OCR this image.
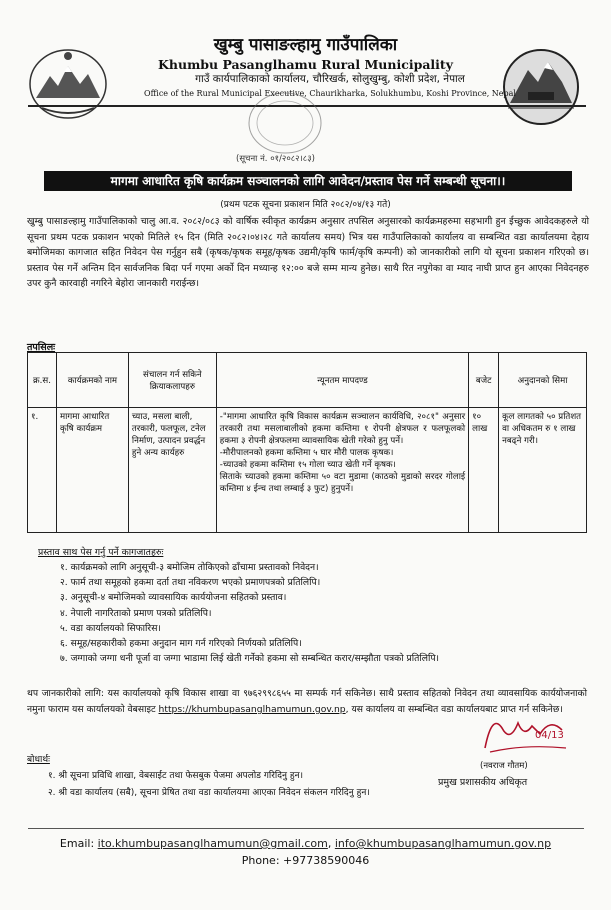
खुम्बु पासाङल्हामु गाउँपालिका
Khumbu Pasanglhamu Rural Municipality
गाउँ कार्यपालिकाको कार्यालय, चौरिखर्क, सोलुखुम्बु, कोशी प्रदेश, नेपाल
Office of the Rural Municipal Executive, Chaurikharka, Solukhumbu, Koshi Province, Nepal
(सूचना नं. ०१/२०८२।८३)
मागमा आधारित कृषि कार्यक्रम सञ्चालनको लागि आवेदन/प्रस्ताव पेस गर्ने सम्बन्धी सूचना।।
(प्रथम पटक सूचना प्रकाशन मिति २०८२/०४/१३ गते)
खुम्बु पासाङल्हामु गाउँपालिकाको चालु आ.व. २०८२/०८३ को वार्षिक स्वीकृत कार्यक्रम अनुसार तपसिल अनुसारको कार्यक्रमहरुमा सहभागी हुन ईच्छुक आवेदकहरुले यो सूचना प्रथम पटक प्रकाशन भएको मितिले १५ दिन (मिति २०८२।०४।२८ गते कार्यालय समय) भित्र यस गाउँपालिकाको कार्यालय वा सम्बन्धित वडा कार्यालयमा देहाय बमोजिमका कागजात सहित निवेदन पेस गर्नुहुन सबै (कृषक/कृषक समूह/कृषक उद्यमी/कृषि फार्म/कृषि कम्पनी) को जानकारीको लागि यो सूचना प्रकाशन गरिएको छ। प्रस्ताव पेस गर्ने अन्तिम दिन सार्वजनिक बिदा पर्न गएमा अर्को दिन मध्यान्ह १२:०० बजे सम्म मान्य हुनेछ। साथै रित नपुगेका वा म्याद नाघी प्राप्त हुन आएका निवेदनहरु उपर कुनै कारवाही नगरिने बेहोरा जानकारी गराईन्छ।
तपसिलः
क्र.स.	कार्यक्रमको नाम	संचालन गर्न सकिने क्रियाकलापहरु	न्यूनतम मापदण्ड	बजेट	अनुदानको सिमा
१.	मागमा आधारित कृषि कार्यक्रम	च्याउ, मसला बाली, तरकारी, फलफूल, टनेल निर्माण, उत्पादन प्रवर्द्धन हुने अन्य कार्यहरु	-"मागमा आधारित कृषि विकास कार्यक्रम सञ्चालन कार्यविधि, २०८१" अनुसार तरकारी तथा मसलाबालीको हकमा कम्तिमा १ रोपनी क्षेत्रफल र फलफूलको हकमा ३ रोपनी क्षेत्रफलमा व्यावसायिक खेती गरेको हुनु पर्ने।
-मौरीपालनको हकमा कम्तिमा ५ घार मौरी पालक कृषक।
-च्याउको हकमा कम्तिमा १५ गोला च्याउ खेती गर्ने कृषक।
सिताके च्याउको हकमा कम्तिमा ५० वटा मुडामा (काठको मुडाको सरदर गोलाई कम्तिमा ४ ईन्च तथा लम्बाई ३ फुट) हुनुपर्ने।	१० लाख	कूल लागतको ५० प्रतिशत वा अधिकतम रु १ लाख नबढ्ने गरी।
प्रस्ताव साथ पेस गर्नु पर्ने कागजातहरुः
१. कार्यक्रमको लागि अनुसूची-३ बमोजिम तोकिएको ढाँचामा प्रस्तावको निवेदन।
२. फार्म तथा समूहको हकमा दर्ता तथा नविकरण भएको प्रमाणपत्रको प्रतिलिपि।
३. अनुसूची-४ बमोजिमको व्यावसायिक कार्ययोजना सहितको प्रस्ताव।
४. नेपाली नागरिताको प्रमाण पत्रको प्रतिलिपि।
५. वडा कार्यालयको सिफारिस।
६. समूह/सहकारीको हकमा अनुदान माग गर्न गरिएको निर्णयको प्रतिलिपि।
७. जग्गाको जग्गा धनी पूर्जा वा जग्गा भाडामा लिई खेती गर्नेको हकमा सो सम्बन्धित करार/सम्झौता पत्रको प्रतिलिपि।
थप जानकारीको लागि: यस कार्यालयको कृषि विकास शाखा वा ९७६२९९८६५५ मा सम्पर्क गर्न सकिनेछ। साथै प्रस्ताव सहितको निवेदन तथा व्यावसायिक कार्ययोजनाको नमुना फाराम यस कार्यालयको वेबसाइट https://khumbupasanglhamumun.gov.np, यस कार्यालय वा सम्बन्धित वडा कार्यालयबाट प्राप्त गर्न सकिनेछ।
04/13
(नवराज गौतम)
प्रमुख प्रशासकीय अधिकृत
बोधार्थः
१. श्री सूचना प्रविधि शाखा, वेबसाईट तथा फेसबुक पेजमा अपलोड गरिदिनु हुन।
२. श्री वडा कार्यालय (सबै), सूचना प्रेषित तथा वडा कार्यालयमा आएका निवेदन संकलन गरिदिनु हुन।
Email: ito.khumbupasanglhamumun@gmail.com, info@khumbupasanglhamumun.gov.np
Phone: +97738590046
